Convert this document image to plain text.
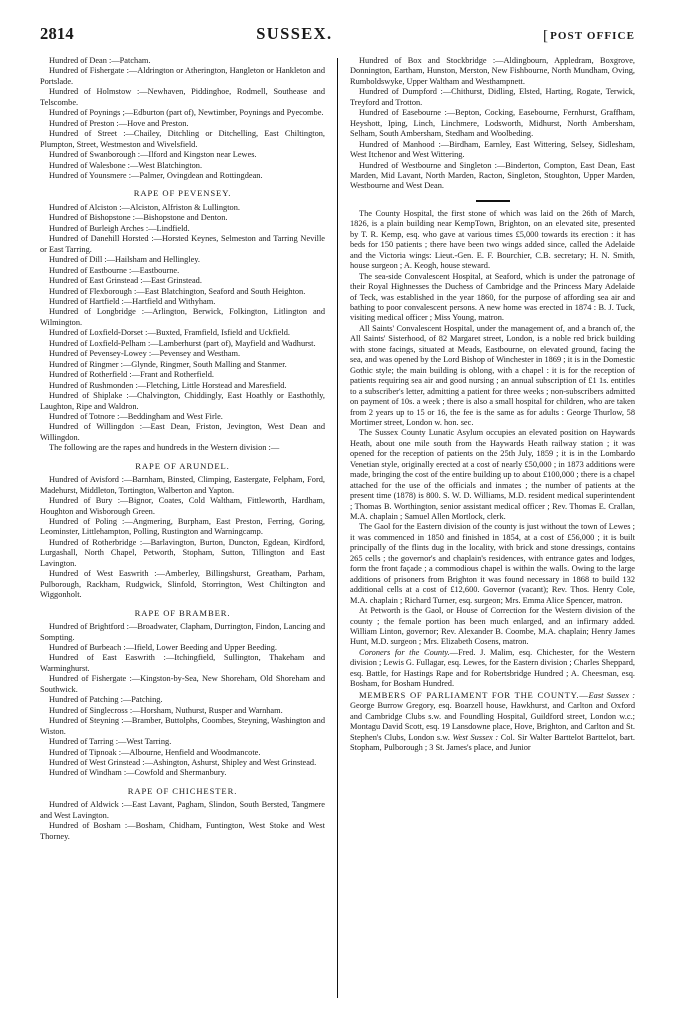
2814	SUSSEX.	[POST OFFICE

Hundred of Dean :—Patcham.

Hundred of Fishergate :—Aldrington or Atherington, Hangleton or Hankleton and Portslade.

Hundred of Holmstow :—Newhaven, Piddinghoe, Rodmell, Southease and Telscombe.

Hundred of Poynings ;—Edburton (part of), Newtimber, Poynings and Pyecombe.

Hundred of Preston :—Hove and Preston.

Hundred of Street :—Chailey, Ditchling or Ditchelling, East Chiltington, Plumpton, Street, Westmeston and Wivelsfield.

Hundred of Swanborough :—Ilford and Kingston near Lewes.

Hundred of Walesbone :—West Blatchington.

Hundred of Younsmere :—Palmer, Ovingdean and Rottingdean.

RAPE OF PEVENSEY.

Hundred of Alciston :—Alciston, Alfriston & Lullington.

Hundred of Bishopstone :—Bishopstone and Denton.

Hundred of Burleigh Arches :—Lindfield.

Hundred of Danehill Horsted :—Horsted Keynes, Selmeston and Tarring Neville or East Tarring.

Hundred of Dill :—Hailsham and Hellingley.

Hundred of Eastbourne :—Eastbourne.

Hundred of East Grinstead :—East Grinstead.

Hundred of Flexborough :—East Blatchington, Seaford and South Heighton.

Hundred of Hartfield :—Hartfield and Withyham.

Hundred of Longbridge :—Arlington, Berwick, Folkington, Litlington and Wilmington.

Hundred of Loxfield-Dorset :—Buxted, Framfield, Isfield and Uckfield.

Hundred of Loxfield-Pelham :—Lamberhurst (part of), Mayfield and Wadhurst.

Hundred of Pevensey-Lowey :—Pevensey and Westham.

Hundred of Ringmer :—Glynde, Ringmer, South Malling and Stanmer.

Hundred of Rotherfield :—Frant and Rotherfield.

Hundred of Rushmonden :—Fletching, Little Horstead and Maresfield.

Hundred of Shiplake :—Chalvington, Chiddingly, East Hoathly or Easthothly, Laughton, Ripe and Waldron.

Hundred of Totnore :—Beddingham and West Firle.

Hundred of Willingdon :—East Dean, Friston, Jevington, West Dean and Willingdon.

The following are the rapes and hundreds in the Western division :—

RAPE OF ARUNDEL.

Hundred of Avisford :—Barnham, Binsted, Climping, Eastergate, Felpham, Ford, Madehurst, Middleton, Tortington, Walberton and Yapton.

Hundred of Bury :—Bignor, Coates, Cold Waltham, Fittleworth, Hardham, Houghton and Wisborough Green.

Hundred of Poling :—Angmering, Burpham, East Preston, Ferring, Goring, Leominster, Littlehampton, Polling, Rustington and Warningcamp.

Hundred of Rotherbridge :—Barlavington, Burton, Duncton, Egdean, Kirdford, Lurgashall, North Chapel, Petworth, Stopham, Sutton, Tillington and East Lavington.

Hundred of West Easwrith :—Amberley, Billingshurst, Greatham, Parham, Pulborough, Rackham, Rudgwick, Slinfold, Storrington, West Chiltington and Wiggonholt.

RAPE OF BRAMBER.

Hundred of Brightford :—Broadwater, Clapham, Durrington, Findon, Lancing and Sompting.

Hundred of Burbeach :—Ifield, Lower Beeding and Upper Beeding.

Hundred of East Easwrith :—Itchingfield, Sullington, Thakeham and Warminghurst.

Hundred of Fishergate :—Kingston-by-Sea, New Shoreham, Old Shoreham and Southwick.

Hundred of Patching :—Patching.

Hundred of Singlecross :—Horsham, Nuthurst, Rusper and Warnham.

Hundred of Steyning :—Bramber, Buttolphs, Coombes, Steyning, Washington and Wiston.

Hundred of Tarring :—West Tarring.

Hundred of Tipnoak :—Albourne, Henfield and Woodmancote.

Hundred of West Grinstead :—Ashington, Ashurst, Shipley and West Grinstead.

Hundred of Windham :—Cowfold and Shermanbury.

RAPE OF CHICHESTER.

Hundred of Aldwick :—East Lavant, Pagham, Slindon, South Bersted, Tangmere and West Lavington.

Hundred of Bosham :—Bosham, Chidham, Funtington, West Stoke and West Thorney.

Hundred of Box and Stockbridge :—Aldingbourn, Appledram, Boxgrove, Donnington, Eartham, Hunston, Merston, New Fishbourne, North Mundham, Oving, Rumboldswyke, Upper Waltham and Westhampnett.

Hundred of Dumpford :—Chithurst, Didling, Elsted, Harting, Rogate, Terwick, Treyford and Trotton.

Hundred of Easebourne :—Bepton, Cocking, Easebourne, Fernhurst, Graffham, Heyshott, Iping, Linch, Linchmere, Lodsworth, Midhurst, North Ambersham, Selham, South Ambersham, Stedham and Woolbeding.

Hundred of Manhood :—Birdham, Earnley, East Wittering, Selsey, Sidlesham, West Itchenor and West Wittering.

Hundred of Westbourne and Singleton :—Binderton, Compton, East Dean, East Marden, Mid Lavant, North Marden, Racton, Singleton, Stoughton, Upper Marden, Westbourne and West Dean.

The County Hospital, the first stone of which was laid on the 26th of March, 1826, is a plain building near KempTown, Brighton, on an elevated site, presented by T. R. Kemp, esq. who gave at various times £5,000 towards its erection : it has beds for 150 patients ; there have been two wings added since, called the Adelaide and the Victoria wings: Lieut.-Gen. E. F. Bourchier, C.B. secretary; H. N. Smith, house surgeon ; A. Keogh, house steward.

The sea-side Convalescent Hospital, at Seaford, which is under the patronage of their Royal Highnesses the Duchess of Cambridge and the Princess Mary Adelaide of Teck, was established in the year 1860, for the purpose of affording sea air and bathing to poor convalescent persons. A new home was erected in 1874 : B. J. Tuck, visiting medical officer ; Miss Young, matron.

All Saints' Convalescent Hospital, under the management of, and a branch of, the All Saints' Sisterhood, of 82 Margaret street, London, is a noble red brick building with stone facings, situated at Meads, Eastbourne, on elevated ground, facing the sea, and was opened by the Lord Bishop of Winchester in 1869 ; it is in the Domestic Gothic style; the main building is oblong, with a chapel : it is for the reception of patients requiring sea air and good nursing ; an annual subscription of £1 1s. entitles to a subscriber's letter, admitting a patient for three weeks ; non-subscribers admitted on payment of 10s. a week ; there is also a small hospital for children, who are taken from 2 years up to 15 or 16, the fee is the same as for adults : George Thurlow, 58 Mortimer street, London w. hon. sec.

The Sussex County Lunatic Asylum occupies an elevated position on Haywards Heath, about one mile south from the Haywards Heath railway station ; it was opened for the reception of patients on the 25th July, 1859 ; it is in the Lombardo Venetian style, originally erected at a cost of nearly £50,000 ; in 1873 additions were made, bringing the cost of the entire building up to about £100,000 ; there is a chapel attached for the use of the officials and inmates ; the number of patients at the present time (1878) is 800. S. W. D. Williams, M.D. resident medical superintendent ; Thomas B. Worthington, senior assistant medical officer ; Rev. Thomas E. Crallan, M.A. chaplain ; Samuel Allen Mortlock, clerk.

The Gaol for the Eastern division of the county is just without the town of Lewes ; it was commenced in 1850 and finished in 1854, at a cost of £56,000 ; it is built principally of the flints dug in the locality, with brick and stone dressings, contains 265 cells ; the governor's and chaplain's residences, with entrance gates and lodges, form the front façade ; a commodious chapel is within the walls. Owing to the large additions of prisoners from Brighton it was found necessary in 1868 to build 132 additional cells at a cost of £12,600. Governor (vacant); Rev. Thos. Henry Cole, M.A. chaplain ; Richard Turner, esq. surgeon; Mrs. Emma Alice Spencer, matron.

At Petworth is the Gaol, or House of Correction for the Western division of the county ; the female portion has been much enlarged, and an infirmary added. William Linton, governor; Rev. Alexander B. Coombe, M.A. chaplain; Henry James Hunt, M.D. surgeon ; Mrs. Elizabeth Cosens, matron.

Coroners for the County.—Fred. J. Malim, esq. Chichester, for the Western division ; Lewis G. Fullagar, esq. Lewes, for the Eastern division ; Charles Sheppard, esq. Battle, for Hastings Rape and for Robertsbridge Hundred ; A. Cheesman, esq. Bosham, for Bosham Hundred.

MEMBERS OF PARLIAMENT FOR THE COUNTY.—East Sussex : George Burrow Gregory, esq. Boarzell house, Hawkhurst, and Carlton and Oxford and Cambridge Clubs s.w. and Foundling Hospital, Guildford street, London w.c.; Montagu David Scott, esq. 19 Lansdowne place, Hove, Brighton, and Carlton and St. Stephen's Clubs, London s.w. West Sussex : Col. Sir Walter Barttelot Barttelot, bart. Stopham, Pulborough ; 3 St. James's place, and Junior
